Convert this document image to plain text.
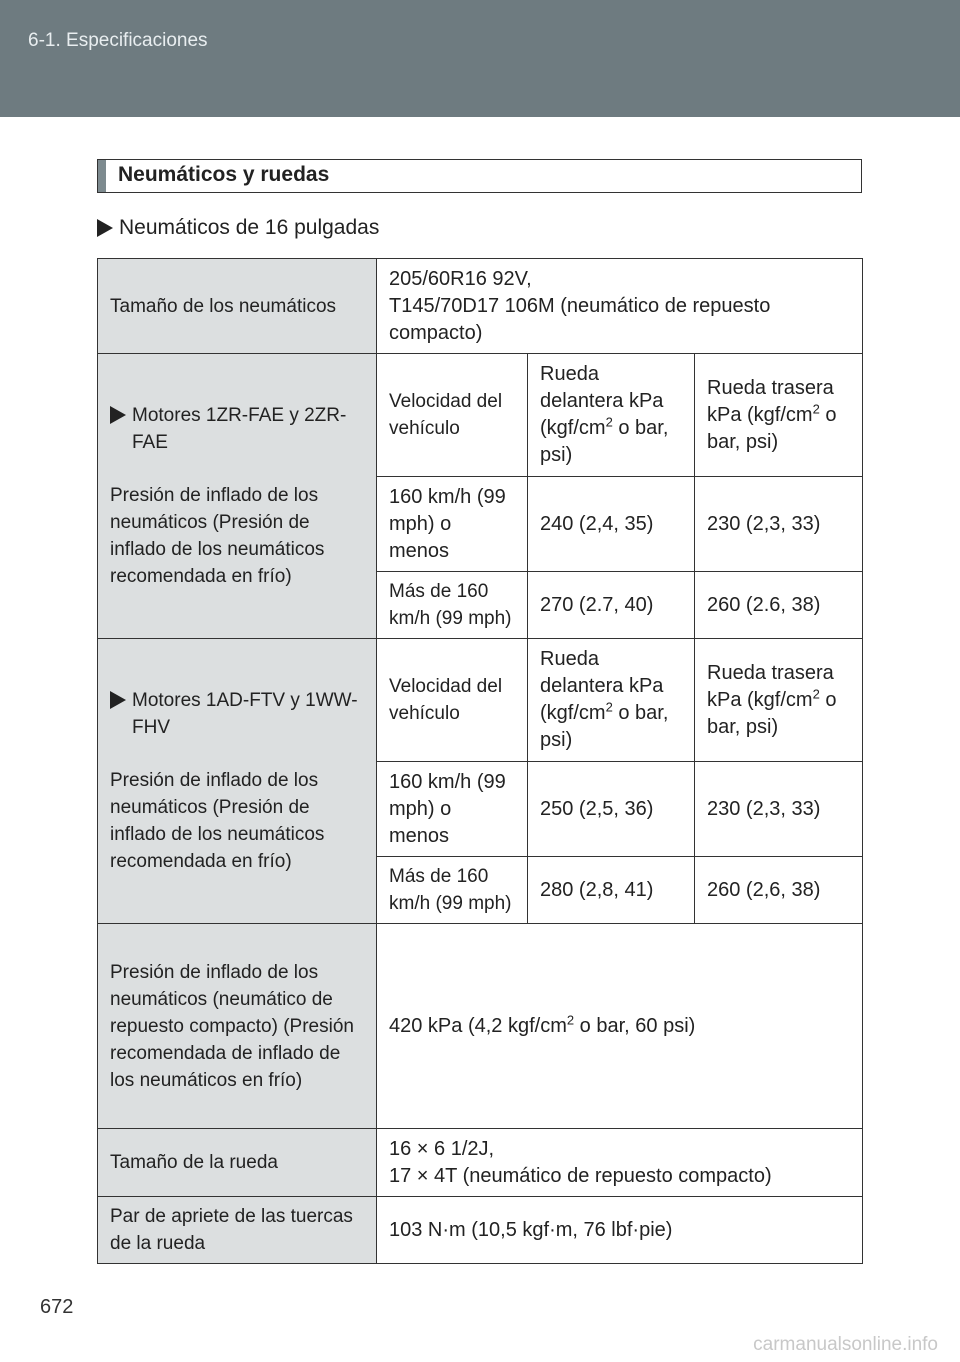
6-1. Especificaciones
Neumáticos y ruedas
Neumáticos de 16 pulgadas
Tamaño de los neumáticos	205/60R16 92V,
T145/70D17 106M (neumático de repuesto compacto)		

Motores 1ZR-FAE y 2ZR-FAE
Presión de inflado de los neumáticos (Presión de inflado de los neumáticos recomendada en frío)	Velocidad del vehículo	Rueda delantera kPa ($kgf/cm^2$ o bar, psi)	Rueda trasera kPa ($kgf/cm^2$ o bar, psi)
	160 km/h (99 mph) o menos	240 (2,4, 35)	230 (2,3, 33)
	Más de 160 km/h (99 mph)	270 (2.7, 40)	260 (2.6, 38)

Motores 1AD-FTV y 1WW-FHV
Presión de inflado de los neumáticos (Presión de inflado de los neumáticos recomendada en frío)	Velocidad del vehículo	Rueda delantera kPa ($kgf/cm^2$ o bar, psi)	Rueda trasera kPa ($kgf/cm^2$ o bar, psi)
	160 km/h (99 mph) o menos	250 (2,5, 36)	230 (2,3, 33)
	Más de 160 km/h (99 mph)	280 (2,8, 41)	260 (2,6, 38)
Presión de inflado de los neumáticos (neumático de repuesto compacto) (Presión recomendada de inflado de los neumáticos en frío)	420 kPa (4,2 kgf/$cm^2$ o bar, 60 psi)		
Tamaño de la rueda	16 × 6 1/2J,
17 × 4T (neumático de repuesto compacto)		

Par de apriete de las tuercas de la rueda	103 N·m (10,5 kgf·m, 76 lbf·pie)		
672
carmanualsonline.info
